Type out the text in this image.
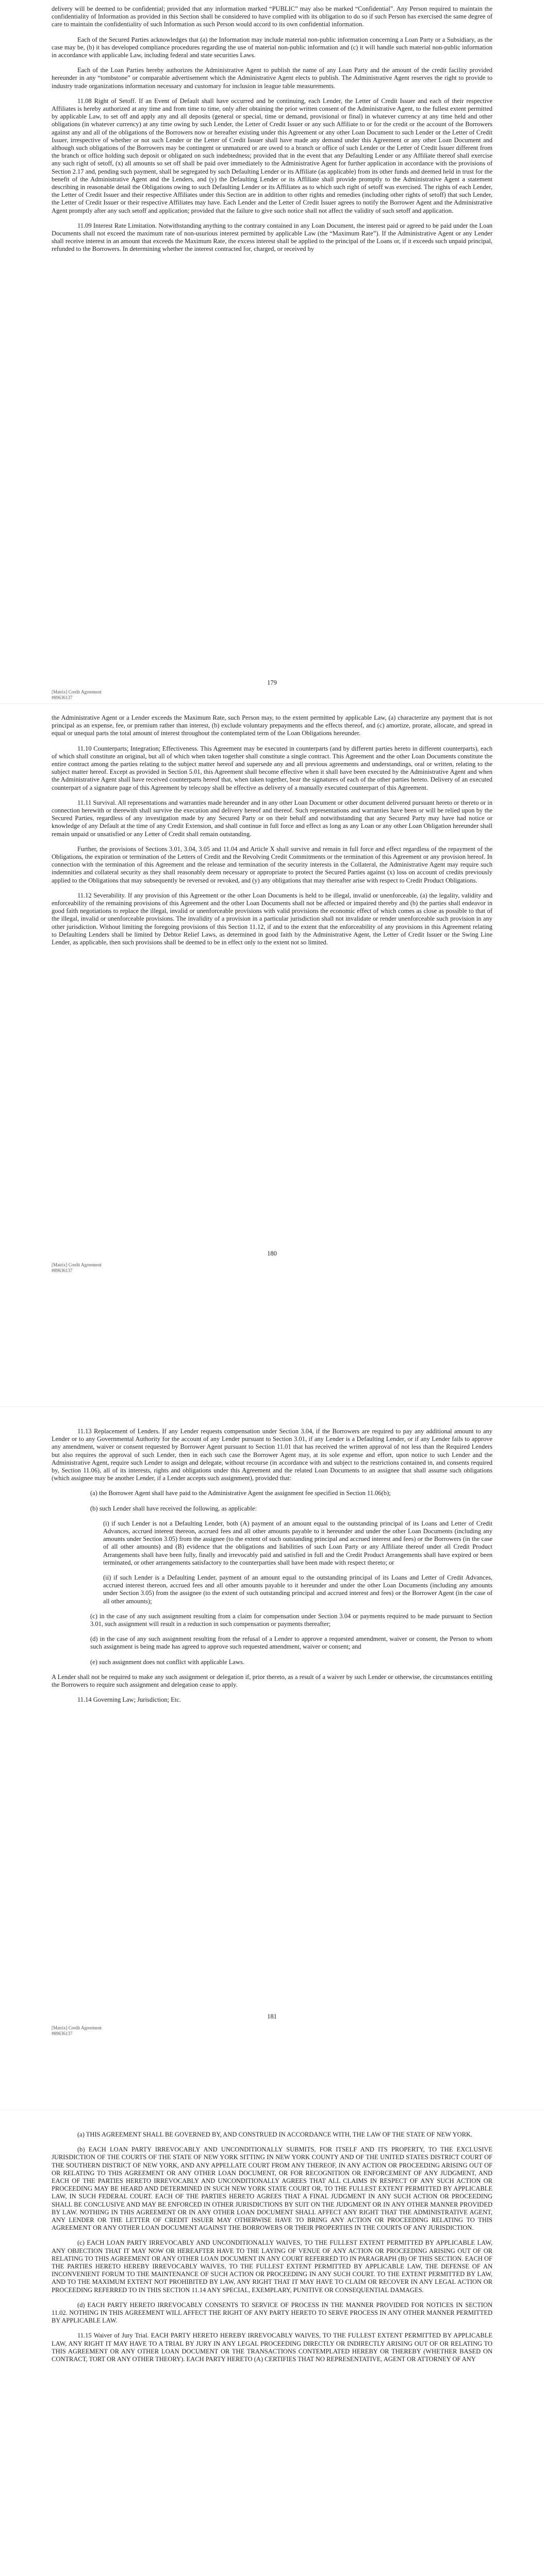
delivery will be deemed to be confidential; provided that any information marked “PUBLIC” may also be marked “Confidential”. Any Person required to maintain the confidentiality of Information as provided in this Section shall be considered to have complied with its obligation to do so if such Person has exercised the same degree of care to maintain the confidentiality of such Information as such Person would accord to its own confidential information.

Each of the Secured Parties acknowledges that (a) the Information may include material non-public information concerning a Loan Party or a Subsidiary, as the case may be, (b) it has developed compliance procedures regarding the use of material non-public information and (c) it will handle such material non-public information in accordance with applicable Law, including federal and state securities Laws.

Each of the Loan Parties hereby authorizes the Administrative Agent to publish the name of any Loan Party and the amount of the credit facility provided hereunder in any “tombstone” or comparable advertisement which the Administrative Agent elects to publish. The Administrative Agent reserves the right to provide to industry trade organizations information necessary and customary for inclusion in league table measurements.

11.08 Right of Setoff. If an Event of Default shall have occurred and be continuing, each Lender, the Letter of Credit Issuer and each of their respective Affiliates is hereby authorized at any time and from time to time, only after obtaining the prior written consent of the Administrative Agent, to the fullest extent permitted by applicable Law, to set off and apply any and all deposits (general or special, time or demand, provisional or final) in whatever currency at any time held and other obligations (in whatever currency) at any time owing by such Lender, the Letter of Credit Issuer or any such Affiliate to or for the credit or the account of the Borrowers against any and all of the obligations of the Borrowers now or hereafter existing under this Agreement or any other Loan Document to such Lender or the Letter of Credit Issuer, irrespective of whether or not such Lender or the Letter of Credit Issuer shall have made any demand under this Agreement or any other Loan Document and although such obligations of the Borrowers may be contingent or unmatured or are owed to a branch or office of such Lender or the Letter of Credit Issuer different from the branch or office holding such deposit or obligated on such indebtedness; provided that in the event that any Defaulting Lender or any Affiliate thereof shall exercise any such right of setoff, (x) all amounts so set off shall be paid over immediately to the Administrative Agent for further application in accordance with the provisions of Section 2.17 and, pending such payment, shall be segregated by such Defaulting Lender or its Affiliate (as applicable) from its other funds and deemed held in trust for the benefit of the Administrative Agent and the Lenders, and (y) the Defaulting Lender or its Affiliate shall provide promptly to the Administrative Agent a statement describing in reasonable detail the Obligations owing to such Defaulting Lender or its Affiliates as to which such right of setoff was exercised. The rights of each Lender, the Letter of Credit Issuer and their respective Affiliates under this Section are in addition to other rights and remedies (including other rights of setoff) that such Lender, the Letter of Credit Issuer or their respective Affiliates may have. Each Lender and the Letter of Credit Issuer agrees to notify the Borrower Agent and the Administrative Agent promptly after any such setoff and application; provided that the failure to give such notice shall not affect the validity of such setoff and application.

11.09 Interest Rate Limitation. Notwithstanding anything to the contrary contained in any Loan Document, the interest paid or agreed to be paid under the Loan Documents shall not exceed the maximum rate of non-usurious interest permitted by applicable Law (the “Maximum Rate”). If the Administrative Agent or any Lender shall receive interest in an amount that exceeds the Maximum Rate, the excess interest shall be applied to the principal of the Loans or, if it exceeds such unpaid principal, refunded to the Borrowers. In determining whether the interest contracted for, charged, or received by

179
[Matrix] Credit Agreement
#89636137

the Administrative Agent or a Lender exceeds the Maximum Rate, such Person may, to the extent permitted by applicable Law, (a) characterize any payment that is not principal as an expense, fee, or premium rather than interest, (b) exclude voluntary prepayments and the effects thereof, and (c) amortize, prorate, allocate, and spread in equal or unequal parts the total amount of interest throughout the contemplated term of the Loan Obligations hereunder.

11.10 Counterparts; Integration; Effectiveness. This Agreement may be executed in counterparts (and by different parties hereto in different counterparts), each of which shall constitute an original, but all of which when taken together shall constitute a single contract. This Agreement and the other Loan Documents constitute the entire contract among the parties relating to the subject matter hereof and supersede any and all previous agreements and understandings, oral or written, relating to the subject matter hereof. Except as provided in Section 5.01, this Agreement shall become effective when it shall have been executed by the Administrative Agent and when the Administrative Agent shall have received counterparts hereof that, when taken together, bear the signatures of each of the other parties hereto. Delivery of an executed counterpart of a signature page of this Agreement by telecopy shall be effective as delivery of a manually executed counterpart of this Agreement.

11.11 Survival. All representations and warranties made hereunder and in any other Loan Document or other document delivered pursuant hereto or thereto or in connection herewith or therewith shall survive the execution and delivery hereof and thereof. Such representations and warranties have been or will be relied upon by the Secured Parties, regardless of any investigation made by any Secured Party or on their behalf and notwithstanding that any Secured Party may have had notice or knowledge of any Default at the time of any Credit Extension, and shall continue in full force and effect as long as any Loan or any other Loan Obligation hereunder shall remain unpaid or unsatisfied or any Letter of Credit shall remain outstanding.

Further, the provisions of Sections 3.01, 3.04, 3.05 and 11.04 and Article X shall survive and remain in full force and effect regardless of the repayment of the Obligations, the expiration or termination of the Letters of Credit and the Revolving Credit Commitments or the termination of this Agreement or any provision hereof. In connection with the termination of this Agreement and the release and termination of the security interests in the Collateral, the Administrative Agent may require such indemnities and collateral security as they shall reasonably deem necessary or appropriate to protect the Secured Parties against (x) loss on account of credits previously applied to the Obligations that may subsequently be reversed or revoked, and (y) any obligations that may thereafter arise with respect to Credit Product Obligations.

11.12 Severability. If any provision of this Agreement or the other Loan Documents is held to be illegal, invalid or unenforceable, (a) the legality, validity and enforceability of the remaining provisions of this Agreement and the other Loan Documents shall not be affected or impaired thereby and (b) the parties shall endeavor in good faith negotiations to replace the illegal, invalid or unenforceable provisions with valid provisions the economic effect of which comes as close as possible to that of the illegal, invalid or unenforceable provisions. The invalidity of a provision in a particular jurisdiction shall not invalidate or render unenforceable such provision in any other jurisdiction. Without limiting the foregoing provisions of this Section 11.12, if and to the extent that the enforceability of any provisions in this Agreement relating to Defaulting Lenders shall be limited by Debtor Relief Laws, as determined in good faith by the Administrative Agent, the Letter of Credit Issuer or the Swing Line Lender, as applicable, then such provisions shall be deemed to be in effect only to the extent not so limited.

180
[Matrix] Credit Agreement
#89636137

11.13 Replacement of Lenders. If any Lender requests compensation under Section 3.04, if the Borrowers are required to pay any additional amount to any Lender or to any Governmental Authority for the account of any Lender pursuant to Section 3.01, if any Lender is a Defaulting Lender, or if any Lender fails to approve any amendment, waiver or consent requested by Borrower Agent pursuant to Section 11.01 that has received the written approval of not less than the Required Lenders but also requires the approval of such Lender, then in each such case the Borrower Agent may, at its sole expense and effort, upon notice to such Lender and the Administrative Agent, require such Lender to assign and delegate, without recourse (in accordance with and subject to the restrictions contained in, and consents required by, Section 11.06), all of its interests, rights and obligations under this Agreement and the related Loan Documents to an assignee that shall assume such obligations (which assignee may be another Lender, if a Lender accepts such assignment), provided that:

(a) the Borrower Agent shall have paid to the Administrative Agent the assignment fee specified in Section 11.06(b);

(b) such Lender shall have received the following, as applicable:

(i) if such Lender is not a Defaulting Lender, both (A) payment of an amount equal to the outstanding principal of its Loans and Letter of Credit Advances, accrued interest thereon, accrued fees and all other amounts payable to it hereunder and under the other Loan Documents (including any amounts under Section 3.05) from the assignee (to the extent of such outstanding principal and accrued interest and fees) or the Borrowers (in the case of all other amounts) and (B) evidence that the obligations and liabilities of such Loan Party or any Affiliate thereof under all Credit Product Arrangements shall have been fully, finally and irrevocably paid and satisfied in full and the Credit Product Arrangements shall have expired or been terminated, or other arrangements satisfactory to the counterparties shall have been made with respect thereto; or

(ii) if such Lender is a Defaulting Lender, payment of an amount equal to the outstanding principal of its Loans and Letter of Credit Advances, accrued interest thereon, accrued fees and all other amounts payable to it hereunder and under the other Loan Documents (including any amounts under Section 3.05) from the assignee (to the extent of such outstanding principal and accrued interest and fees) or the Borrower Agent (in the case of all other amounts);

(c) in the case of any such assignment resulting from a claim for compensation under Section 3.04 or payments required to be made pursuant to Section 3.01, such assignment will result in a reduction in such compensation or payments thereafter;

(d) in the case of any such assignment resulting from the refusal of a Lender to approve a requested amendment, waiver or consent, the Person to whom such assignment is being made has agreed to approve such requested amendment, waiver or consent; and

(e) such assignment does not conflict with applicable Laws.

A Lender shall not be required to make any such assignment or delegation if, prior thereto, as a result of a waiver by such Lender or otherwise, the circumstances entitling the Borrowers to require such assignment and delegation cease to apply.

11.14 Governing Law; Jurisdiction; Etc.

181
[Matrix] Credit Agreement
#89636137

(a) THIS AGREEMENT SHALL BE GOVERNED BY, AND CONSTRUED IN ACCORDANCE WITH, THE LAW OF THE STATE OF NEW YORK.

(b) EACH LOAN PARTY IRREVOCABLY AND UNCONDITIONALLY SUBMITS, FOR ITSELF AND ITS PROPERTY, TO THE EXCLUSIVE JURISDICTION OF THE COURTS OF THE STATE OF NEW YORK SITTING IN NEW YORK COUNTY AND OF THE UNITED STATES DISTRICT COURT OF THE SOUTHERN DISTRICT OF NEW YORK, AND ANY APPELLATE COURT FROM ANY THEREOF, IN ANY ACTION OR PROCEEDING ARISING OUT OF OR RELATING TO THIS AGREEMENT OR ANY OTHER LOAN DOCUMENT, OR FOR RECOGNITION OR ENFORCEMENT OF ANY JUDGMENT, AND EACH OF THE PARTIES HERETO IRREVOCABLY AND UNCONDITIONALLY AGREES THAT ALL CLAIMS IN RESPECT OF ANY SUCH ACTION OR PROCEEDING MAY BE HEARD AND DETERMINED IN SUCH NEW YORK STATE COURT OR, TO THE FULLEST EXTENT PERMITTED BY APPLICABLE LAW, IN SUCH FEDERAL COURT. EACH OF THE PARTIES HERETO AGREES THAT A FINAL JUDGMENT IN ANY SUCH ACTION OR PROCEEDING SHALL BE CONCLUSIVE AND MAY BE ENFORCED IN OTHER JURISDICTIONS BY SUIT ON THE JUDGMENT OR IN ANY OTHER MANNER PROVIDED BY LAW. NOTHING IN THIS AGREEMENT OR IN ANY OTHER LOAN DOCUMENT SHALL AFFECT ANY RIGHT THAT THE ADMINISTRATIVE AGENT, ANY LENDER OR THE LETTER OF CREDIT ISSUER MAY OTHERWISE HAVE TO BRING ANY ACTION OR PROCEEDING RELATING TO THIS AGREEMENT OR ANY OTHER LOAN DOCUMENT AGAINST THE BORROWERS OR THEIR PROPERTIES IN THE COURTS OF ANY JURISDICTION.

(c) EACH LOAN PARTY IRREVOCABLY AND UNCONDITIONALLY WAIVES, TO THE FULLEST EXTENT PERMITTED BY APPLICABLE LAW, ANY OBJECTION THAT IT MAY NOW OR HEREAFTER HAVE TO THE LAYING OF VENUE OF ANY ACTION OR PROCEEDING ARISING OUT OF OR RELATING TO THIS AGREEMENT OR ANY OTHER LOAN DOCUMENT IN ANY COURT REFERRED TO IN PARAGRAPH (B) OF THIS SECTION. EACH OF THE PARTIES HERETO HEREBY IRREVOCABLY WAIVES, TO THE FULLEST EXTENT PERMITTED BY APPLICABLE LAW, THE DEFENSE OF AN INCONVENIENT FORUM TO THE MAINTENANCE OF SUCH ACTION OR PROCEEDING IN ANY SUCH COURT. TO THE EXTENT PERMITTED BY LAW, AND TO THE MAXIMUM EXTENT NOT PROHIBITED BY LAW, ANY RIGHT THAT IT MAY HAVE TO CLAIM OR RECOVER IN ANY LEGAL ACTION OR PROCEEDING REFERRED TO IN THIS SECTION 11.14 ANY SPECIAL, EXEMPLARY, PUNITIVE OR CONSEQUENTIAL DAMAGES.

(d) EACH PARTY HERETO IRREVOCABLY CONSENTS TO SERVICE OF PROCESS IN THE MANNER PROVIDED FOR NOTICES IN SECTION 11.02. NOTHING IN THIS AGREEMENT WILL AFFECT THE RIGHT OF ANY PARTY HERETO TO SERVE PROCESS IN ANY OTHER MANNER PERMITTED BY APPLICABLE LAW.

11.15 Waiver of Jury Trial. EACH PARTY HERETO HEREBY IRREVOCABLY WAIVES, TO THE FULLEST EXTENT PERMITTED BY APPLICABLE LAW, ANY RIGHT IT MAY HAVE TO A TRIAL BY JURY IN ANY LEGAL PROCEEDING DIRECTLY OR INDIRECTLY ARISING OUT OF OR RELATING TO THIS AGREEMENT OR ANY OTHER LOAN DOCUMENT OR THE TRANSACTIONS CONTEMPLATED HEREBY OR THEREBY (WHETHER BASED ON CONTRACT, TORT OR ANY OTHER THEORY). EACH PARTY HERETO (A) CERTIFIES THAT NO REPRESENTATIVE, AGENT OR ATTORNEY OF ANY
